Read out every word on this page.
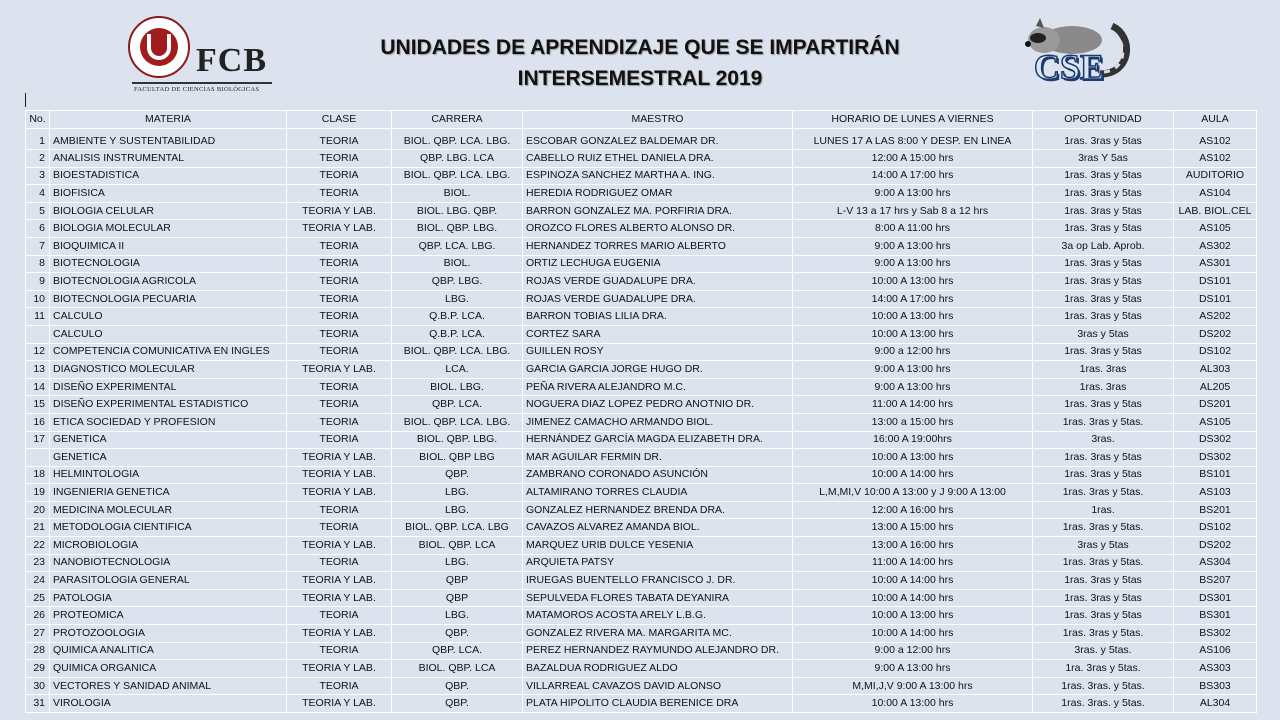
FCB
FACULTAD DE CIENCIAS BIOLÓGICAS
UNIDADES DE APRENDIZAJE QUE SE IMPARTIRÁN
INTERSEMESTRAL 2019	CSE
No.	MATERIA	CLASE	CARRERA	MAESTRO	HORARIO DE LUNES A VIERNES	OPORTUNIDAD	AULA
1	AMBIENTE Y SUSTENTABILIDAD	TEORIA	BIOL. QBP. LCA. LBG.	ESCOBAR GONZALEZ BALDEMAR DR.	LUNES 17 A LAS 8:00 Y DESP. EN LINEA	1ras. 3ras y 5tas	AS102
2	ANALISIS INSTRUMENTAL	TEORIA	QBP. LBG. LCA	CABELLO RUIZ ETHEL DANIELA DRA.	12:00 A 15:00 hrs	3ras Y 5as	AS102
3	BIOESTADISTICA	TEORIA	BIOL. QBP. LCA. LBG.	ESPINOZA SANCHEZ MARTHA A. ING.	14:00 A 17:00 hrs	1ras. 3ras y 5tas	AUDITORIO
4	BIOFISICA	TEORIA	BIOL.	HEREDIA RODRIGUEZ OMAR	9:00 A 13:00 hrs	1ras. 3ras y 5tas	AS104
5	BIOLOGIA CELULAR	TEORIA Y LAB.	BIOL. LBG. QBP.	BARRON GONZALEZ MA. PORFIRIA DRA.	L-V 13 a 17 hrs y Sab 8 a 12 hrs	1ras. 3ras y 5tas	LAB. BIOL.CEL
6	BIOLOGIA MOLECULAR	TEORIA Y LAB.	BIOL. QBP. LBG.	OROZCO FLORES ALBERTO ALONSO DR.	8:00 A 11:00 hrs	1ras. 3ras y 5tas	AS105
7	BIOQUIMICA II	TEORIA	QBP. LCA. LBG.	HERNANDEZ TORRES MARIO ALBERTO	9:00 A 13:00 hrs	3a op Lab. Aprob.	AS302
8	BIOTECNOLOGIA	TEORIA	BIOL.	ORTIZ LECHUGA EUGENIA	9:00 A 13:00 hrs	1ras. 3ras y 5tas	AS301
9	BIOTECNOLOGIA AGRICOLA	TEORIA	QBP. LBG.	ROJAS VERDE GUADALUPE DRA.	10:00 A 13:00 hrs	1ras. 3ras y 5tas	DS101
10	BIOTECNOLOGIA PECUARIA	TEORIA	LBG.	ROJAS VERDE GUADALUPE DRA.	14:00 A 17:00 hrs	1ras. 3ras y 5tas	DS101
11	CALCULO	TEORIA	Q.B.P. LCA.	BARRON TOBIAS LILIA DRA.	10:00 A 13:00 hrs	1ras. 3ras y 5tas	AS202
	CALCULO	TEORIA	Q.B.P. LCA.	CORTEZ SARA	10:00 A 13:00 hrs	3ras y 5tas	DS202
12	COMPETENCIA COMUNICATIVA EN INGLES	TEORIA	BIOL. QBP. LCA. LBG.	GUILLEN ROSY	9:00 a 12:00 hrs	1ras. 3ras y 5tas	DS102
13	DIAGNOSTICO MOLECULAR	TEORIA Y LAB.	LCA.	GARCIA GARCIA JORGE HUGO DR.	9:00 A 13:00 hrs	1ras. 3ras	AL303
14	DISEÑO EXPERIMENTAL	TEORIA	BIOL. LBG.	PEÑA RIVERA ALEJANDRO M.C.	9:00 A 13:00 hrs	1ras. 3ras	AL205
15	DISEÑO EXPERIMENTAL ESTADISTICO	TEORIA	QBP. LCA.	NOGUERA DIAZ LOPEZ PEDRO ANOTNIO DR.	11:00 A 14:00 hrs	1ras. 3ras y 5tas	DS201
16	ETICA SOCIEDAD Y PROFESION	TEORIA	BIOL. QBP. LCA. LBG.	JIMENEZ CAMACHO ARMANDO BIOL.	13:00 a 15:00 hrs	1ras. 3ras y 5tas.	AS105
17	GENETICA	TEORIA	BIOL. QBP. LBG.	HERNÁNDEZ GARCÍA MAGDA ELIZABETH DRA.	16:00 A 19:00hrs	3ras.	DS302
	GENETICA	TEORIA Y LAB.	BIOL. QBP LBG	MAR AGUILAR FERMIN DR.	10:00 A 13:00 hrs	1ras. 3ras y 5tas	DS302
18	HELMINTOLOGIA	TEORIA Y LAB.	QBP.	ZAMBRANO CORONADO ASUNCIÓN	10:00 A 14:00 hrs	1ras. 3ras y 5tas	BS101
19	INGENIERIA GENETICA	TEORIA Y LAB.	LBG.	ALTAMIRANO TORRES CLAUDIA	L,M,MI,V 10:00 A 13:00 y J 9:00 A 13:00	1ras. 3ras y 5tas.	AS103
20	MEDICINA MOLECULAR	TEORIA	LBG.	GONZALEZ HERNANDEZ BRENDA DRA.	12:00 A 16:00 hrs	1ras.	BS201
21	METODOLOGIA CIENTIFICA	TEORIA	BIOL. QBP. LCA. LBG	CAVAZOS ALVAREZ AMANDA BIOL.	13:00 A 15:00 hrs	1ras. 3ras y 5tas.	DS102
22	MICROBIOLOGIA	TEORIA Y LAB.	BIOL. QBP. LCA	MARQUEZ URIB DULCE YESENIA	13:00 A 16:00 hrs	3ras y 5tas	DS202
23	NANOBIOTECNOLOGIA	TEORIA	LBG.	ARQUIETA PATSY	11:00 A 14:00 hrs	1ras. 3ras y 5tas.	AS304
24	PARASITOLOGIA GENERAL	TEORIA Y LAB.	QBP	IRUEGAS BUENTELLO FRANCISCO J. DR.	10:00 A 14:00 hrs	1ras. 3ras y 5tas	BS207
25	PATOLOGIA	TEORIA Y LAB.	QBP	SEPULVEDA FLORES TABATA DEYANIRA	10:00 A 14:00 hrs	1ras. 3ras y 5tas	DS301
26	PROTEOMICA	TEORIA	LBG.	MATAMOROS ACOSTA ARELY L.B.G.	10:00 A 13:00 hrs	1ras. 3ras y 5tas	BS301
27	PROTOZOOLOGIA	TEORIA Y LAB.	QBP.	GONZALEZ RIVERA MA. MARGARITA MC.	10:00 A 14:00 hrs	1ras. 3ras y 5tas.	BS302
28	QUIMICA ANALITICA	TEORIA	QBP. LCA.	PEREZ HERNANDEZ RAYMUNDO ALEJANDRO DR.	9:00 a 12:00 hrs	3ras. y 5tas.	AS106
29	QUIMICA ORGANICA	TEORIA Y LAB.	BIOL. QBP. LCA	BAZALDUA RODRIGUEZ ALDO	9:00 A 13:00 hrs	1ra. 3ras y 5tas.	AS303
30	VECTORES Y SANIDAD ANIMAL	TEORIA	QBP.	VILLARREAL CAVAZOS DAVID ALONSO	M,MI,J,V 9:00 A 13:00 hrs	1ras. 3ras. y 5tas.	BS303
31	VIROLOGIA	TEORIA Y LAB.	QBP.	PLATA HIPOLITO CLAUDIA BERENICE DRA	10:00 A 13:00 hrs	1ras. 3ras. y 5tas.	AL304
